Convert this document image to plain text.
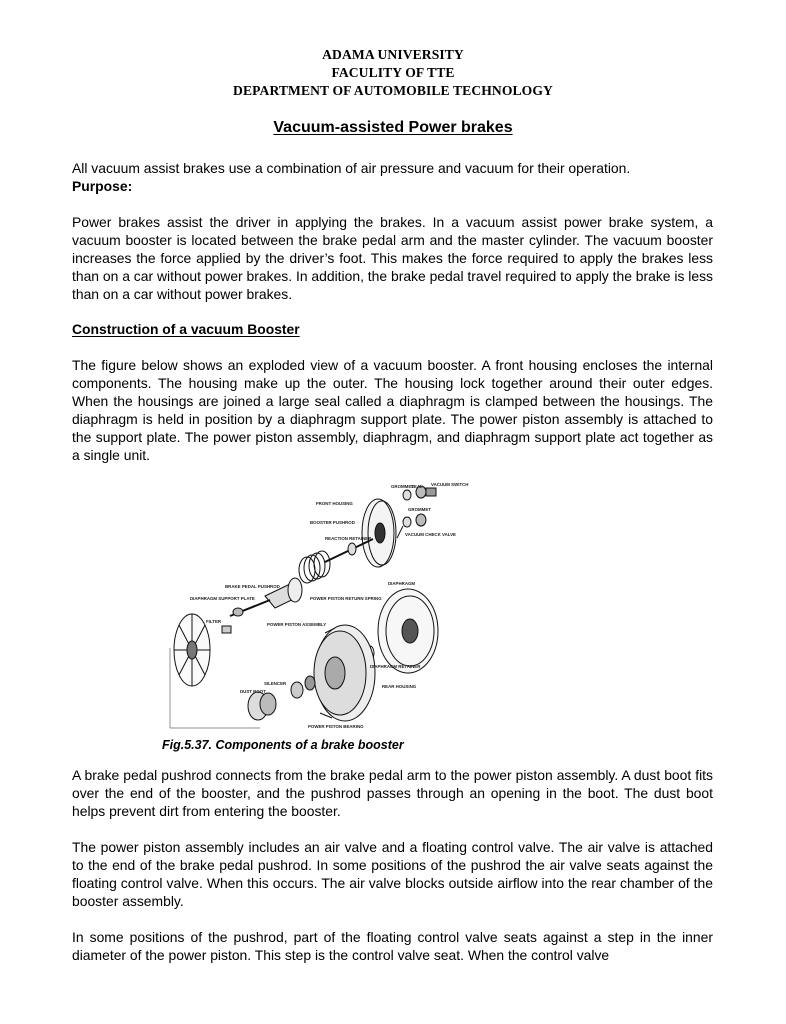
ADAMA UNIVERSITY
FACULITY OF TTE
DEPARTMENT OF AUTOMOBILE TECHNOLOGY
Vacuum-assisted Power brakes

All vacuum assist brakes use a combination of air pressure and vacuum for their operation.

Purpose:

Power brakes assist the driver in applying the brakes. In a vacuum assist power brake system, a vacuum booster is located between the brake pedal arm and the master cylinder. The vacuum booster increases the force applied by the driver’s foot. This makes the force required to apply the brakes less than on a car without power brakes. In addition, the brake pedal travel required to apply the brake is less than on a car without power brakes.

Construction of a vacuum Booster

The figure below shows an exploded view of a vacuum booster. A front housing encloses the internal components. The housing make up the outer. The housing lock together around their outer edges. When the housings are joined a large seal called a diaphragm is clamped between the housings. The diaphragm is held in position by a diaphragm support plate. The power piston assembly is attached to the support plate. The power piston assembly, diaphragm, and diaphragm support plate act together as a single unit.

GROMMET
SEAL VACUUM SWITCH
FRONT HOUSING
GROMMET
BOOSTER PUSHROD
VACUUM CHECK VALVE
REACTION RETAINER
BRAKE PEDAL PUSHROD
DIAPHRAGM SUPPORT PLATE	POWER PISTON RETURN SPRING
DIAPHRAGM
FILTER
POWER PISTON ASSEMBLY
DIAPHRAGM RETAINER
SILENCER
REAR HOUSING
DUST BOOT
POWER PISTON BEARING
Fig.5.37. Components of a brake booster

A brake pedal pushrod connects from the brake pedal arm to the power piston assembly. A dust boot fits over the end of the booster, and the pushrod passes through an opening in the boot. The dust boot helps prevent dirt from entering the booster.

The power piston assembly includes an air valve and a floating control valve. The air valve is attached to the end of the brake pedal pushrod. In some positions of the pushrod the air valve seats against the floating control valve. When this occurs. The air valve blocks outside airflow into the rear chamber of the booster assembly.

In some positions of the pushrod, part of the floating control valve seats against a step in the inner diameter of the power piston. This step is the control valve seat. When the control valve
